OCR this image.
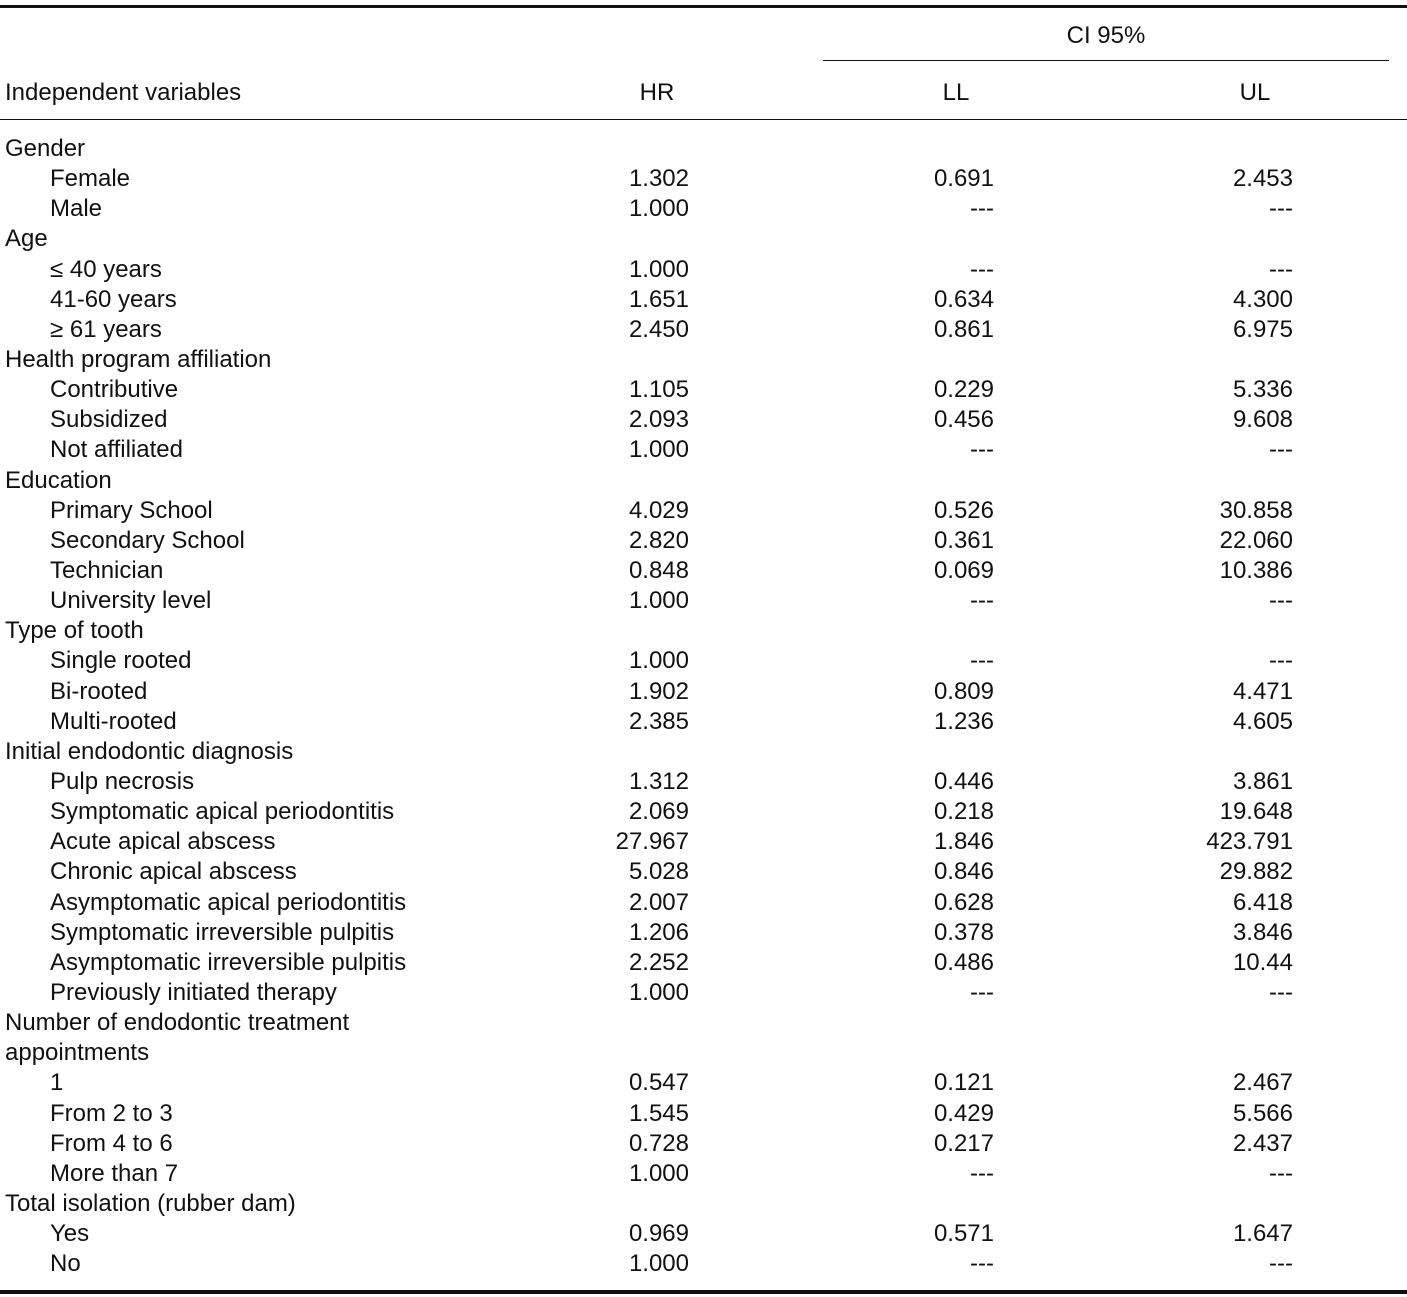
CI 95%
Independent variables	HR	LL	UL
Gender
Female	1.302	0.691	2.453
Male	1.000	---	---
Age
≤ 40 years	1.000	---	---
41-60 years	1.651	0.634	4.300
≥ 61 years	2.450	0.861	6.975
Health program affiliation
Contributive	1.105	0.229	5.336
Subsidized	2.093	0.456	9.608
Not affiliated	1.000	---	---
Education
Primary School	4.029	0.526	30.858
Secondary School	2.820	0.361	22.060
Technician	0.848	0.069	10.386
University level	1.000	---	---
Type of tooth
Single rooted	1.000	---	---
Bi-rooted	1.902	0.809	4.471
Multi-rooted	2.385	1.236	4.605
Initial endodontic diagnosis
Pulp necrosis	1.312	0.446	3.861
Symptomatic apical periodontitis	2.069	0.218	19.648
Acute apical abscess	27.967	1.846	423.791
Chronic apical abscess	5.028	0.846	29.882
Asymptomatic apical periodontitis	2.007	0.628	6.418
Symptomatic irreversible pulpitis	1.206	0.378	3.846
Asymptomatic irreversible pulpitis	2.252	0.486	10.44
Previously initiated therapy	1.000	---	---
Number of endodontic treatment
appointments
1	0.547	0.121	2.467
From 2 to 3	1.545	0.429	5.566
From 4 to 6	0.728	0.217	2.437
More than 7	1.000	---	---
Total isolation (rubber dam)
Yes	0.969	0.571	1.647
No	1.000	---	---
